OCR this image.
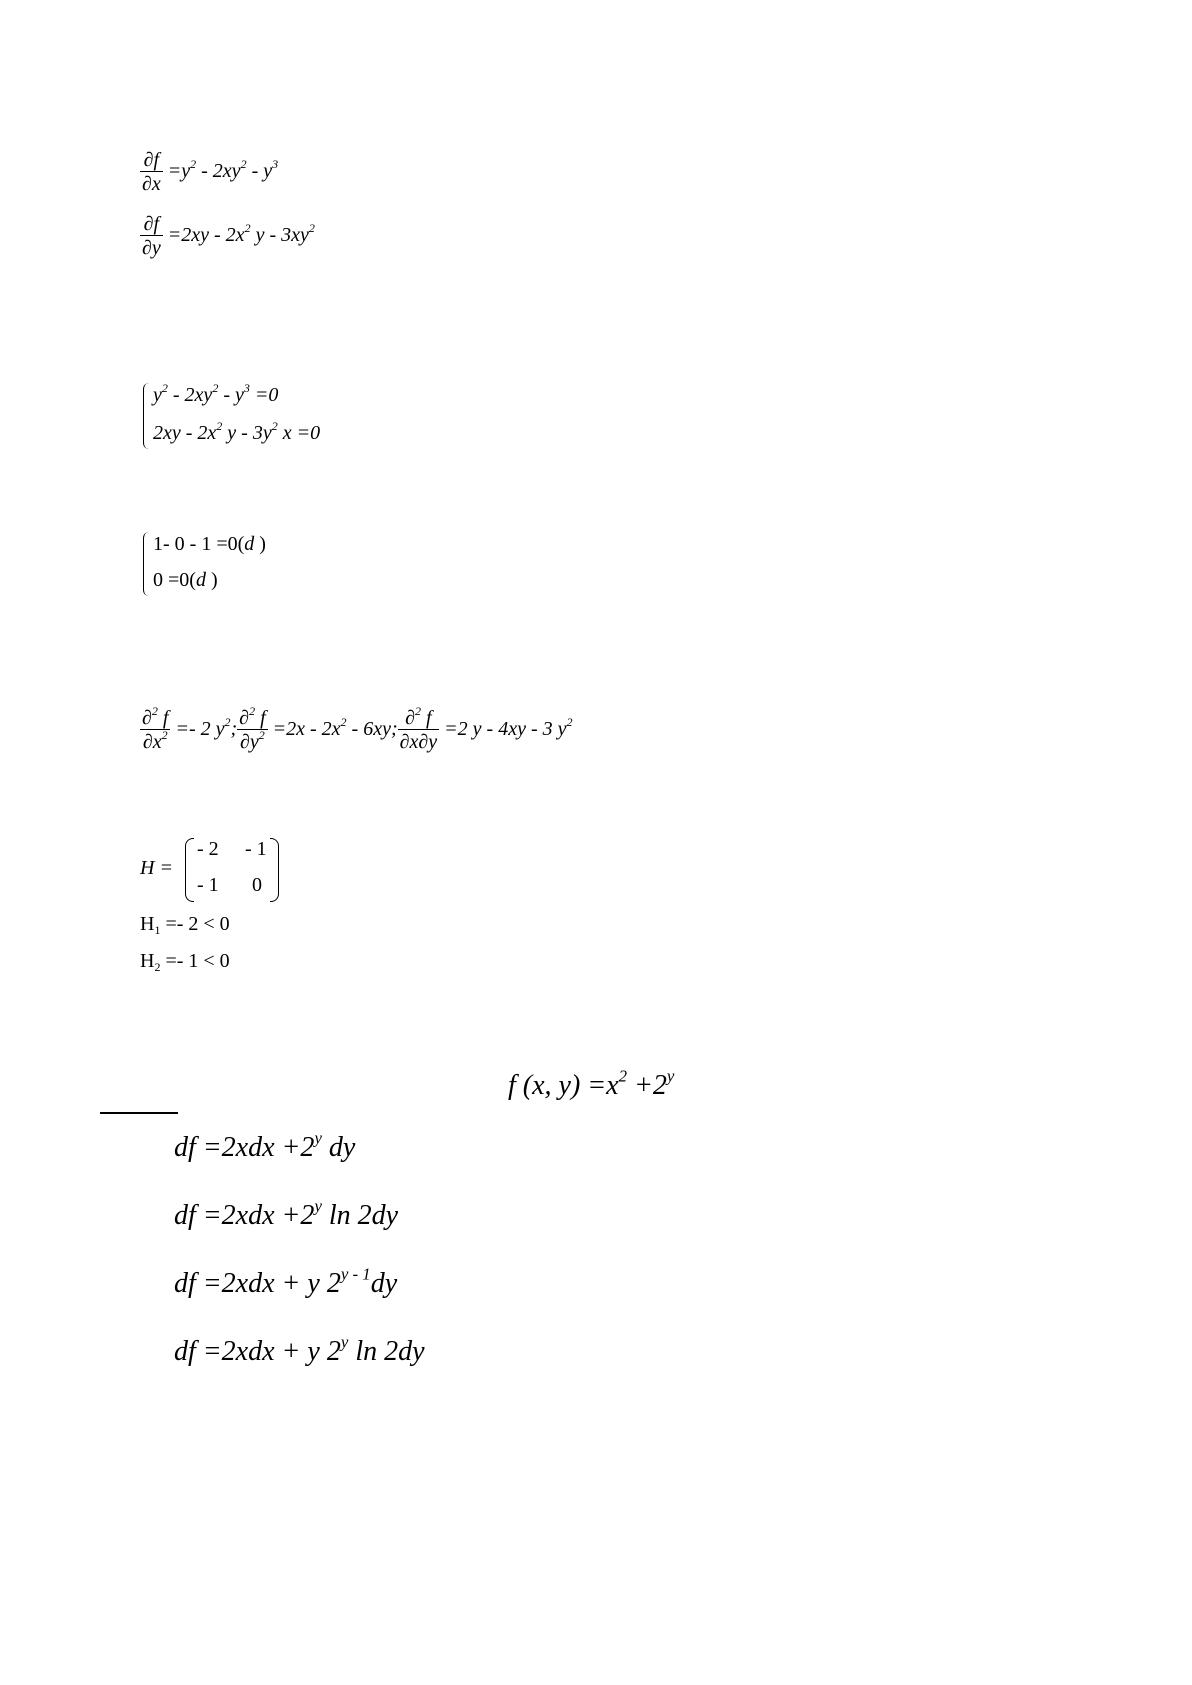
$\frac{\partial f}{\partial x} =y^2 - 2xy^2 - y^3$
$\frac{\partial f}{\partial y} =2xy - 2x^2$ y - $3xy^2$
$y^2 - 2xy^2 - y^3 =0$
$2xy - 2x^2$ y - $3y^2$ x =0
1- 0 - 1 =0(d )
0 =0(d )
$\frac{\partial^2 f}{\partial x^2} =- 2$ $y^2$; $\frac{\partial^2 f}{\partial y^2} =2x - 2x^2 - 6xy$; $\frac{\partial^2 f}{\partial x\partial y} =2$ y - 4xy - 3 $y^2$
H =
- 2 - 1
- 1 0
$H_1 =- 2 < 0$
$H_2 =- 1 < 0$
f (x, $y) =x^2 +2^y$
df $=2xdx +2^y$ dy
df $=2xdx +2^y$ ln 2dy
df =2xdx + y 2$^{y - 1}$dy
df =2xdx + y 2$^y$ ln 2dy
